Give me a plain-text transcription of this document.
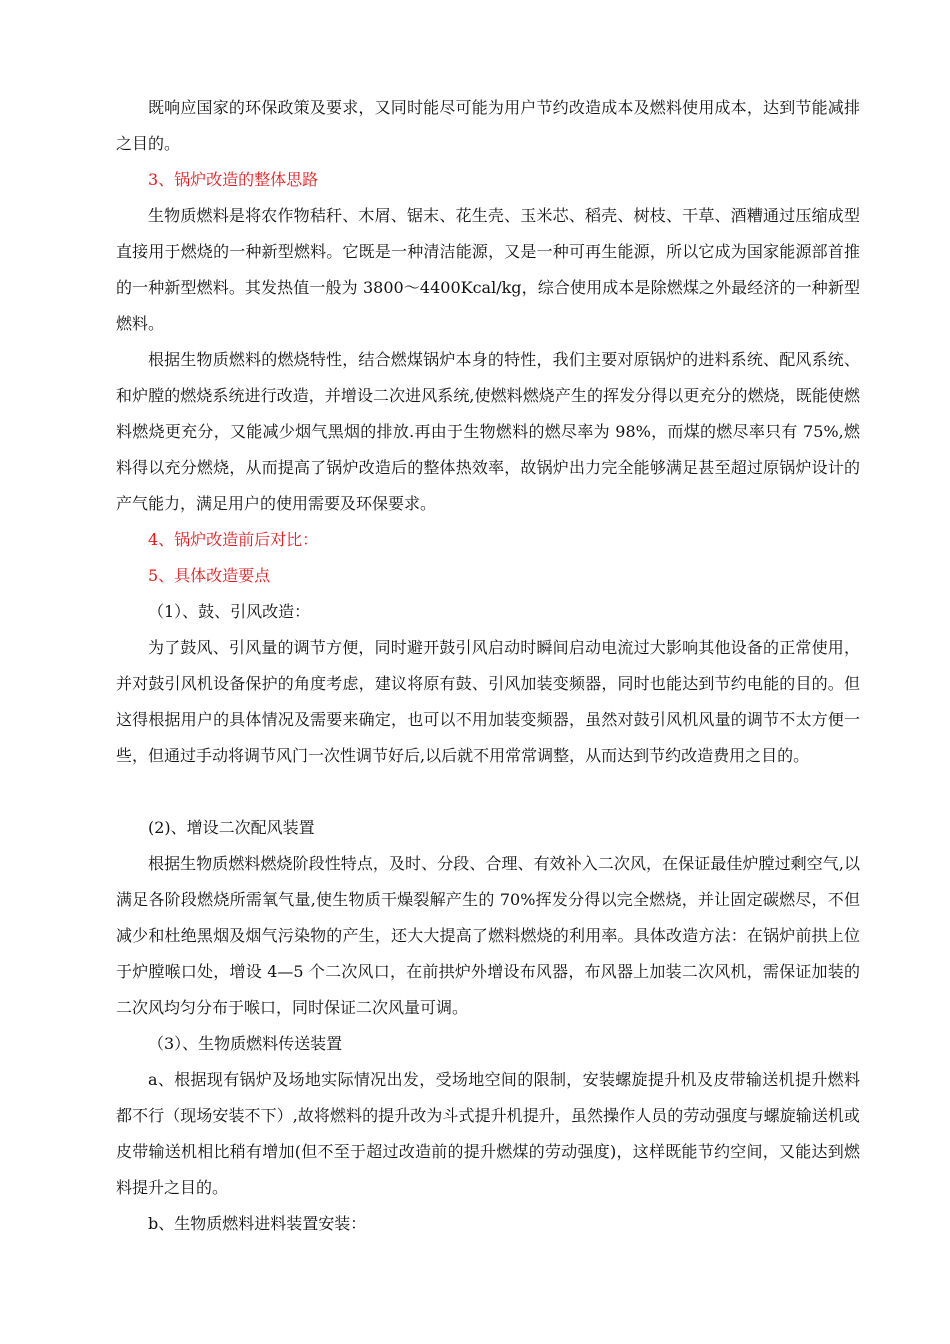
既响应国家的环保政策及要求，又同时能尽可能为用户节约改造成本及燃料使用成本，达到节能减排之目的。

3、锅炉改造的整体思路

生物质燃料是将农作物秸秆、木屑、锯末、花生壳、玉米芯、稻壳、树枝、干草、酒糟通过压缩成型直接用于燃烧的一种新型燃料。它既是一种清洁能源，又是一种可再生能源，所以它成为国家能源部首推的一种新型燃料。其发热值一般为 3800～4400Kcal/kg，综合使用成本是除燃煤之外最经济的一种新型燃料。

根据生物质燃料的燃烧特性，结合燃煤锅炉本身的特性，我们主要对原锅炉的进料系统、配风系统、和炉膛的燃烧系统进行改造，并增设二次进风系统,使燃料燃烧产生的挥发分得以更充分的燃烧，既能使燃料燃烧更充分，又能减少烟气黑烟的排放.再由于生物燃料的燃尽率为 98%，而煤的燃尽率只有 75%,燃料得以充分燃烧，从而提高了锅炉改造后的整体热效率，故锅炉出力完全能够满足甚至超过原锅炉设计的产气能力，满足用户的使用需要及环保要求。

4、锅炉改造前后对比：

5、具体改造要点

（1）、鼓、引风改造：

为了鼓风、引风量的调节方便，同时避开鼓引风启动时瞬间启动电流过大影响其他设备的正常使用，并对鼓引风机设备保护的角度考虑，建议将原有鼓、引风加装变频器，同时也能达到节约电能的目的。但这得根据用户的具体情况及需要来确定，也可以不用加装变频器，虽然对鼓引风机风量的调节不太方便一些，但通过手动将调节风门一次性调节好后,以后就不用常常调整，从而达到节约改造费用之目的。

(2)、增设二次配风装置

根据生物质燃料燃烧阶段性特点，及时、分段、合理、有效补入二次风，在保证最佳炉膛过剩空气,以满足各阶段燃烧所需氧气量,使生物质干燥裂解产生的 70%挥发分得以完全燃烧，并让固定碳燃尽，不但减少和杜绝黑烟及烟气污染物的产生，还大大提高了燃料燃烧的利用率。具体改造方法：在锅炉前拱上位于炉膛喉口处，增设 4—5 个二次风口，在前拱炉外增设布风器，布风器上加装二次风机，需保证加装的二次风均匀分布于喉口，同时保证二次风量可调。

（3）、生物质燃料传送装置

a、根据现有锅炉及场地实际情况出发，受场地空间的限制，安装螺旋提升机及皮带输送机提升燃料都不行（现场安装不下）,故将燃料的提升改为斗式提升机提升，虽然操作人员的劳动强度与螺旋输送机或皮带输送机相比稍有增加(但不至于超过改造前的提升燃煤的劳动强度)，这样既能节约空间，又能达到燃料提升之目的。

b、生物质燃料进料装置安装：
